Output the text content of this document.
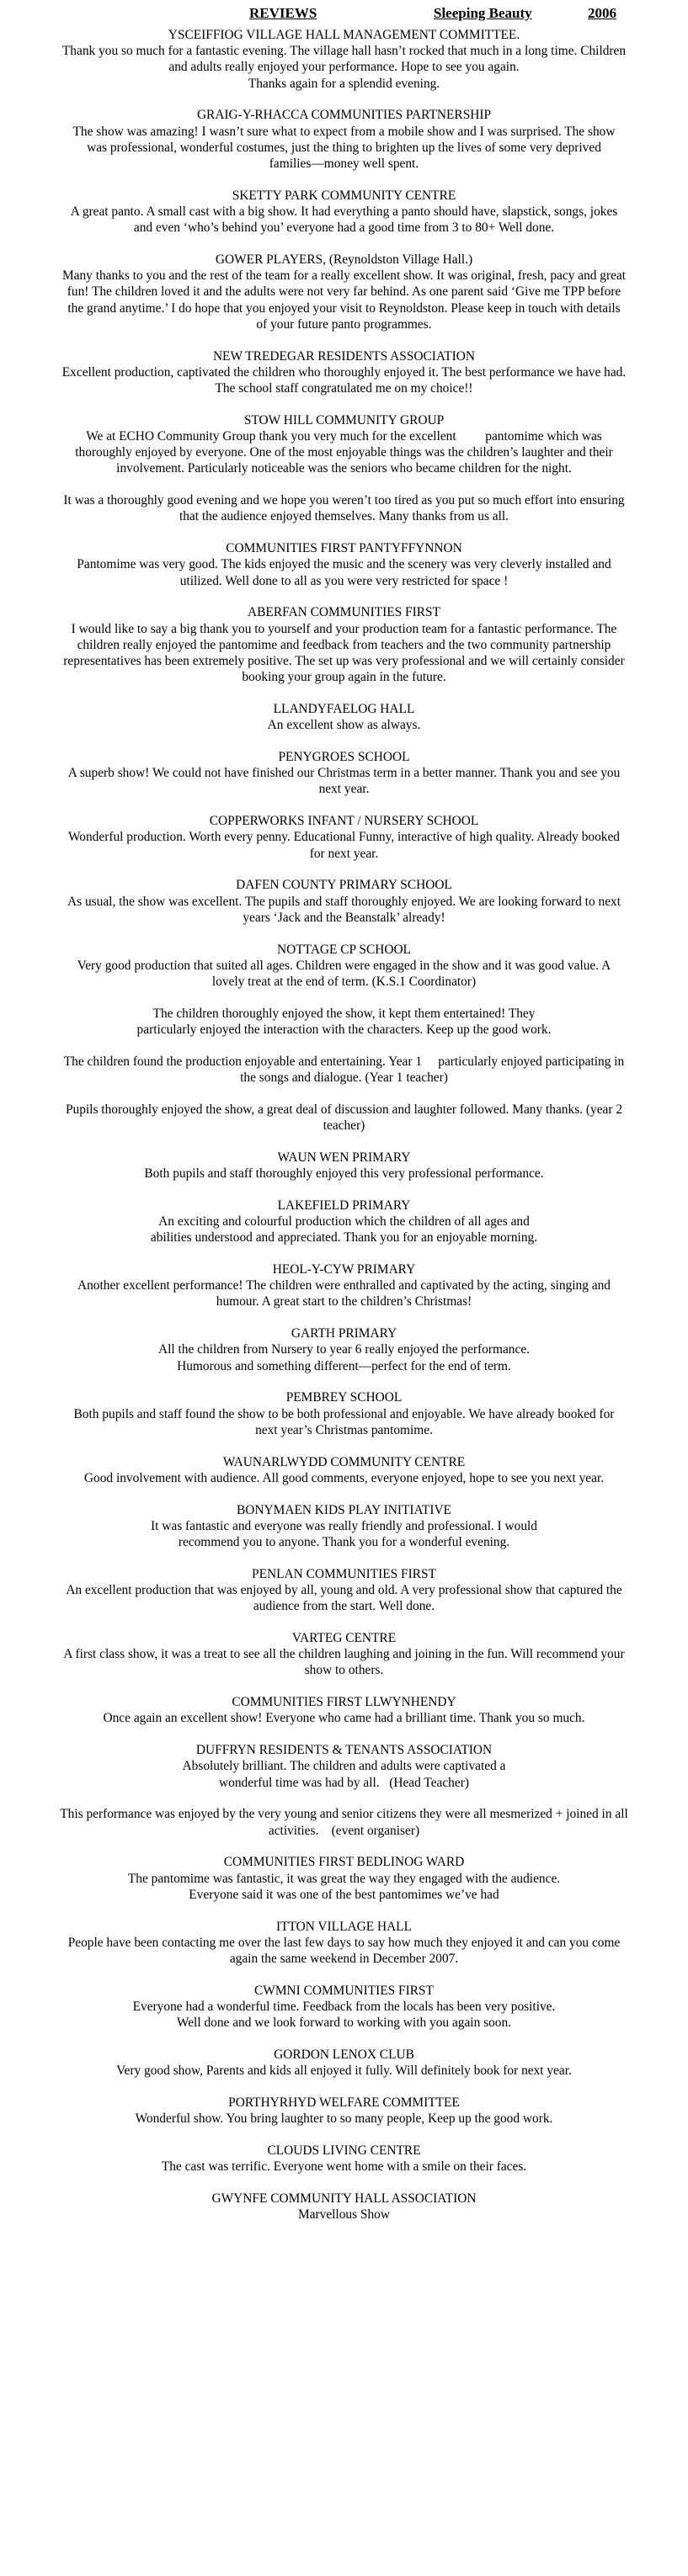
REVIEWS	Sleeping Beauty	2006
YSCEIFFIOG VILLAGE HALL MANAGEMENT COMMITTEE.
Thank you so much for a fantastic evening. The village hall hasn’t rocked that much in a long time. Children
and adults really enjoyed your performance. Hope to see you again.
Thanks again for a splendid evening.
GRAIG-Y-RHACCA COMMUNITIES PARTNERSHIP
The show was amazing! I wasn’t sure what to expect from a mobile show and I was surprised. The show
was professional, wonderful costumes, just the thing to brighten up the lives of some very deprived
families—money well spent.
SKETTY PARK COMMUNITY CENTRE
A great panto. A small cast with a big show. It had everything a panto should have, slapstick, songs, jokes
and even ‘who’s behind you’ everyone had a good time from 3 to 80+ Well done.
GOWER PLAYERS, (Reynoldston Village Hall.)
Many thanks to you and the rest of the team for a really excellent show. It was original, fresh, pacy and great
fun! The children loved it and the adults were not very far behind. As one parent said ‘Give me TPP before
the grand anytime.’ I do hope that you enjoyed your visit to Reynoldston. Please keep in touch with details
of your future panto programmes.
NEW TREDEGAR RESIDENTS ASSOCIATION
Excellent production, captivated the children who thoroughly enjoyed it. The best performance we have had.
The school staff congratulated me on my choice!!
STOW HILL COMMUNITY GROUP
We at ECHO Community Group thank you very much for the excellent         pantomime which was
thoroughly enjoyed by everyone. One of the most enjoyable things was the children’s laughter and their
involvement. Particularly noticeable was the seniors who became children for the night.
It was a thoroughly good evening and we hope you weren’t too tired as you put so much effort into ensuring
that the audience enjoyed themselves. Many thanks from us all.
COMMUNITIES FIRST PANTYFFYNNON
Pantomime was very good. The kids enjoyed the music and the scenery was very cleverly installed and
utilized. Well done to all as you were very restricted for space !
ABERFAN COMMUNITIES FIRST
I would like to say a big thank you to yourself and your production team for a fantastic performance. The
children really enjoyed the pantomime and feedback from teachers and the two community partnership
representatives has been extremely positive. The set up was very professional and we will certainly consider
booking your group again in the future.
LLANDYFAELOG HALL
An excellent show as always.
PENYGROES SCHOOL
A superb show! We could not have finished our Christmas term in a better manner. Thank you and see you
next year.
COPPERWORKS INFANT / NURSERY SCHOOL
Wonderful production. Worth every penny. Educational Funny, interactive of high quality. Already booked
for next year.
DAFEN COUNTY PRIMARY SCHOOL
As usual, the show was excellent. The pupils and staff thoroughly enjoyed. We are looking forward to next
years ‘Jack and the Beanstalk’ already!
NOTTAGE CP SCHOOL
Very good production that suited all ages. Children were engaged in the show and it was good value. A
lovely treat at the end of term. (K.S.1 Coordinator)
The children thoroughly enjoyed the show, it kept them entertained! They
particularly enjoyed the interaction with the characters. Keep up the good work.
The children found the production enjoyable and entertaining. Year 1     particularly enjoyed participating in
the songs and dialogue. (Year 1 teacher)
Pupils thoroughly enjoyed the show, a great deal of discussion and laughter followed. Many thanks. (year 2
teacher)
WAUN WEN PRIMARY
Both pupils and staff thoroughly enjoyed this very professional performance.
LAKEFIELD PRIMARY
An exciting and colourful production which the children of all ages and
abilities understood and appreciated. Thank you for an enjoyable morning.
HEOL-Y-CYW PRIMARY
Another excellent performance! The children were enthralled and captivated by the acting, singing and
humour. A great start to the children’s Christmas!
GARTH PRIMARY
All the children from Nursery to year 6 really enjoyed the performance.
Humorous and something different—perfect for the end of term.
PEMBREY SCHOOL
Both pupils and staff found the show to be both professional and enjoyable. We have already booked for
next year’s Christmas pantomime.
WAUNARLWYDD COMMUNITY CENTRE
Good involvement with audience. All good comments, everyone enjoyed, hope to see you next year.
BONYMAEN KIDS PLAY INITIATIVE
It was fantastic and everyone was really friendly and professional. I would
recommend you to anyone. Thank you for a wonderful evening.
PENLAN COMMUNITIES FIRST
An excellent production that was enjoyed by all, young and old. A very professional show that captured the
audience from the start. Well done.
VARTEG CENTRE
A first class show, it was a treat to see all the children laughing and joining in the fun. Will recommend your
show to others.
COMMUNITIES FIRST LLWYNHENDY
Once again an excellent show! Everyone who came had a brilliant time. Thank you so much.
DUFFRYN RESIDENTS & TENANTS ASSOCIATION
Absolutely brilliant. The children and adults were captivated a
wonderful time was had by all.   (Head Teacher)
This performance was enjoyed by the very young and senior citizens they were all mesmerized + joined in all
activities.    (event organiser)
COMMUNITIES FIRST BEDLINOG WARD
The pantomime was fantastic, it was great the way they engaged with the audience.
Everyone said it was one of the best pantomimes we’ve had
ITTON VILLAGE HALL
People have been contacting me over the last few days to say how much they enjoyed it and can you come
again the same weekend in December 2007.
CWMNI COMMUNITIES FIRST
Everyone had a wonderful time. Feedback from the locals has been very positive.
Well done and we look forward to working with you again soon.
GORDON LENOX CLUB
Very good show, Parents and kids all enjoyed it fully. Will definitely book for next year.
PORTHYRHYD WELFARE COMMITTEE
Wonderful show. You bring laughter to so many people, Keep up the good work.
CLOUDS LIVING CENTRE
The cast was terrific. Everyone went home with a smile on their faces.
GWYNFE COMMUNITY HALL ASSOCIATION
Marvellous Show
